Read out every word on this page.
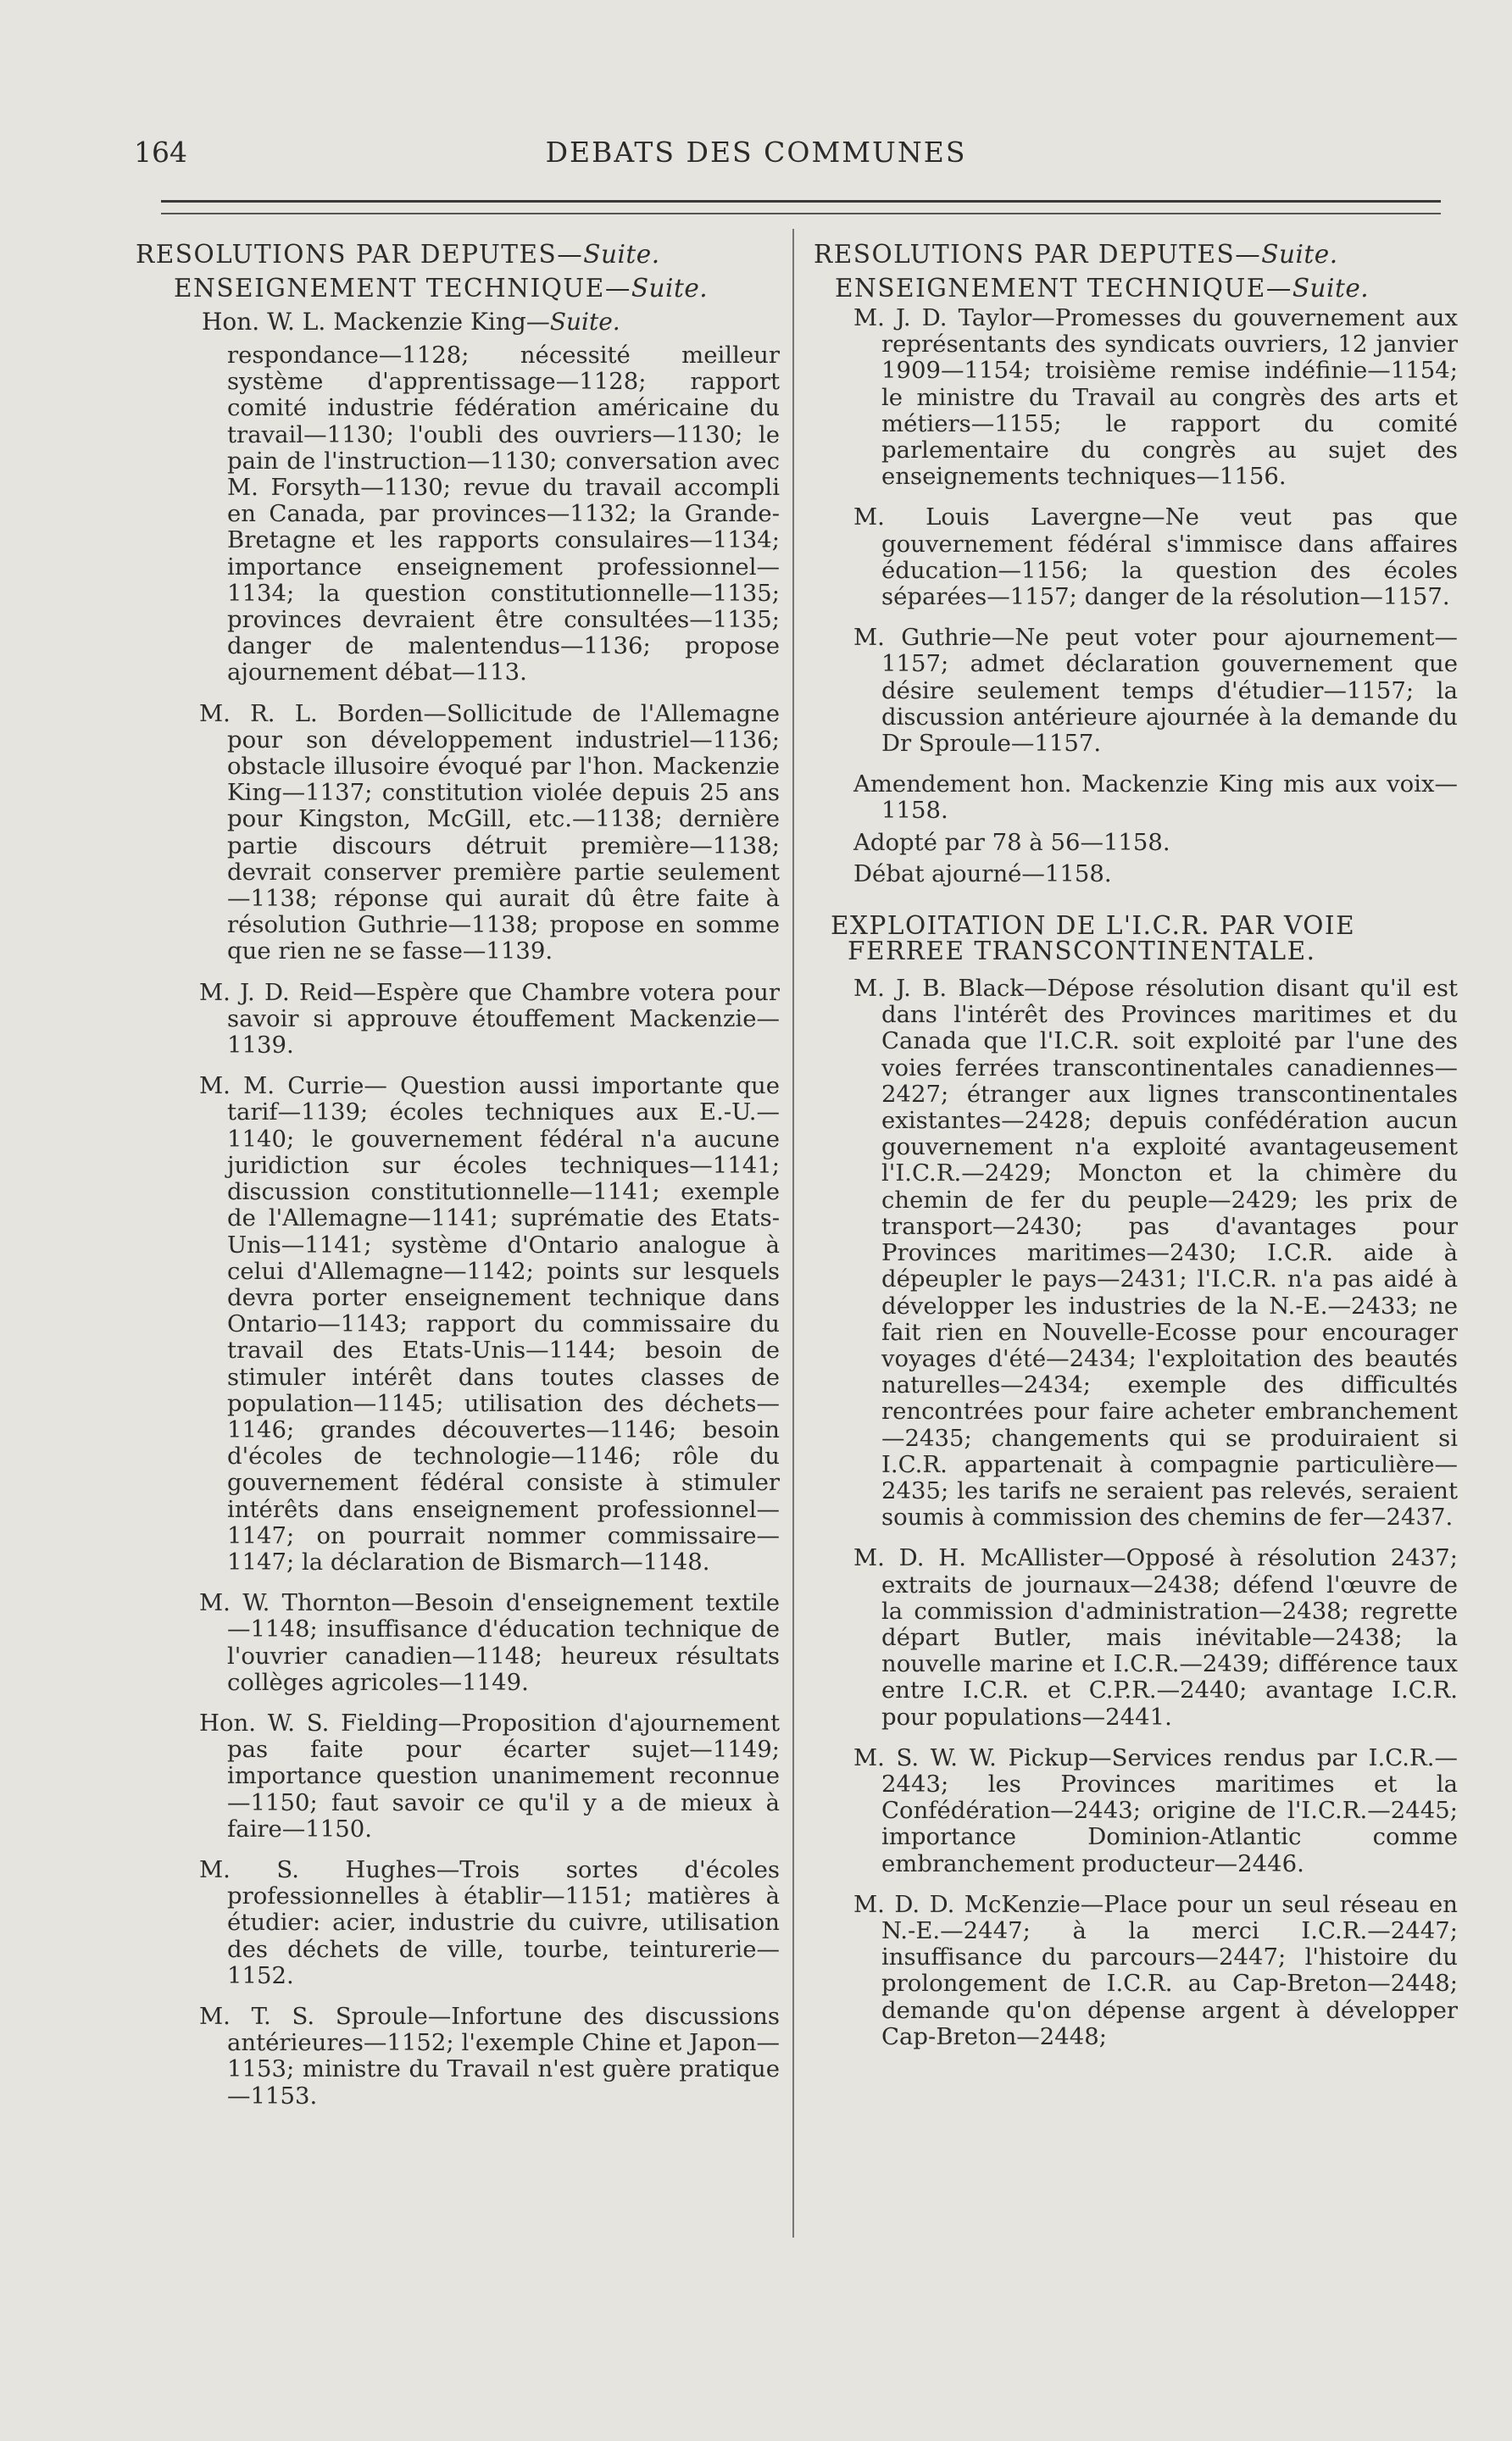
164	DEBATS DES COMMUNES

RESOLUTIONS PAR DEPUTES—Suite.

ENSEIGNEMENT TECHNIQUE—Suite.

Hon. W. L. Mackenzie King—Suite.

respondance—1128; nécessité meilleur système d'apprentissage—1128; rapport comité industrie fédération américaine du travail—1130; l'oubli des ouvriers—1130; le pain de l'instruction—1130; conversation avec M. Forsyth—1130; revue du travail accompli en Canada, par provinces—1132; la Grande-Bretagne et les rapports consulaires—1134; importance enseignement professionnel—1134; la question constitutionnelle—1135; provinces devraient être consultées—1135; danger de malentendus—1136; propose ajournement débat—113.

M. R. L. Borden—Sollicitude de l'Allemagne pour son développement industriel—1136; obstacle illusoire évoqué par l'hon. Mackenzie King—1137; constitution violée depuis 25 ans pour Kingston, McGill, etc.—1138; dernière partie discours détruit première—1138; devrait conserver première partie seulement—1138; réponse qui aurait dû être faite à résolution Guthrie—1138; propose en somme que rien ne se fasse—1139.

M. J. D. Reid—Espère que Chambre votera pour savoir si approuve étouffement Mackenzie—1139.

M. M. Currie— Question aussi importante que tarif—1139; écoles techniques aux E.-U.—1140; le gouvernement fédéral n'a aucune juridiction sur écoles techniques—1141; discussion constitutionnelle—1141; exemple de l'Allemagne—1141; suprématie des Etats-Unis—1141; système d'Ontario analogue à celui d'Allemagne—1142; points sur lesquels devra porter enseignement technique dans Ontario—1143; rapport du commissaire du travail des Etats-Unis—1144; besoin de stimuler intérêt dans toutes classes de population—1145; utilisation des déchets—1146; grandes découvertes—1146; besoin d'écoles de technologie—1146; rôle du gouvernement fédéral consiste à stimuler intérêts dans enseignement professionnel—1147; on pourrait nommer commissaire—1147; la déclaration de Bismarch—1148.

M. W. Thornton—Besoin d'enseignement textile—1148; insuffisance d'éducation technique de l'ouvrier canadien—1148; heureux résultats collèges agricoles—1149.

Hon. W. S. Fielding—Proposition d'ajournement pas faite pour écarter sujet—1149; importance question unanimement reconnue—1150; faut savoir ce qu'il y a de mieux à faire—1150.

M. S. Hughes—Trois sortes d'écoles professionnelles à établir—1151; matières à étudier: acier, industrie du cuivre, utilisation des déchets de ville, tourbe, teinturerie—1152.

M. T. S. Sproule—Infortune des discussions antérieures—1152; l'exemple Chine et Japon—1153; ministre du Travail n'est guère pratique—1153.

RESOLUTIONS PAR DEPUTES—Suite.

ENSEIGNEMENT TECHNIQUE—Suite.

M. J. D. Taylor—Promesses du gouvernement aux représentants des syndicats ouvriers, 12 janvier 1909—1154; troisième remise indéfinie—1154; le ministre du Travail au congrès des arts et métiers—1155; le rapport du comité parlementaire du congrès au sujet des enseignements techniques—1156.

M. Louis Lavergne—Ne veut pas que gouvernement fédéral s'immisce dans affaires éducation—1156; la question des écoles séparées—1157; danger de la résolution—1157.

M. Guthrie—Ne peut voter pour ajournement—1157; admet déclaration gouvernement que désire seulement temps d'étudier—1157; la discussion antérieure ajournée à la demande du Dr Sproule—1157.

Amendement hon. Mackenzie King mis aux voix—1158.

Adopté par 78 à 56—1158.

Débat ajourné—1158.

EXPLOITATION DE L'I.C.R. PAR VOIE
FERREE TRANSCONTINENTALE.

M. J. B. Black—Dépose résolution disant qu'il est dans l'intérêt des Provinces maritimes et du Canada que l'I.C.R. soit exploité par l'une des voies ferrées transcontinentales canadiennes—2427; étranger aux lignes transcontinentales existantes—2428; depuis confédération aucun gouvernement n'a exploité avantageusement l'I.C.R.—2429; Moncton et la chimère du chemin de fer du peuple—2429; les prix de transport—2430; pas d'avantages pour Provinces maritimes—2430; I.C.R. aide à dépeupler le pays—2431; l'I.C.R. n'a pas aidé à développer les industries de la N.-E.—2433; ne fait rien en Nouvelle-Ecosse pour encourager voyages d'été—2434; l'exploitation des beautés naturelles—2434; exemple des difficultés rencontrées pour faire acheter embranchement—2435; changements qui se produiraient si I.C.R. appartenait à compagnie particulière—2435; les tarifs ne seraient pas relevés, seraient soumis à commission des chemins de fer—2437.

M. D. H. McAllister—Opposé à résolution 2437; extraits de journaux—2438; défend l'œuvre de la commission d'administration—2438; regrette départ Butler, mais inévitable—2438; la nouvelle marine et I.C.R.—2439; différence taux entre I.C.R. et C.P.R.—2440; avantage I.C.R. pour populations—2441.

M. S. W. W. Pickup—Services rendus par I.C.R.—2443; les Provinces maritimes et la Confédération—2443; origine de l'I.C.R.—2445; importance Dominion-Atlantic comme embranchement producteur—2446.

M. D. D. McKenzie—Place pour un seul réseau en N.-E.—2447; à la merci I.C.R.—2447; insuffisance du parcours—2447; l'histoire du prolongement de I.C.R. au Cap-Breton—2448; demande qu'on dépense argent à développer Cap-Breton—2448;
